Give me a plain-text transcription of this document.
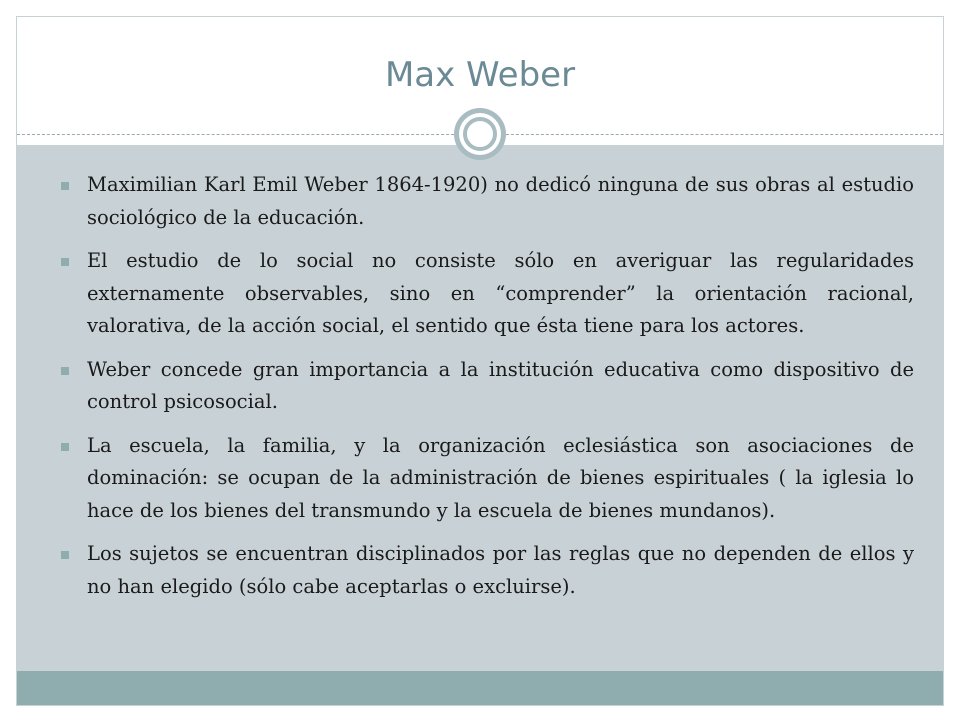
Max Weber
Maximilian Karl Emil Weber 1864-1920) no dedicó ninguna de sus obras al estudio sociológico de la educación.
El estudio de lo social no consiste sólo en averiguar las regularidades externamente observables, sino en “comprender” la orientación racional, valorativa, de la acción social, el sentido que ésta tiene para los actores.
Weber concede gran importancia a la institución educativa como dispositivo de control psicosocial.
La escuela, la familia, y la organización eclesiástica son asociaciones de dominación: se ocupan de la administración de bienes espirituales ( la iglesia lo hace de los bienes del transmundo y la escuela de bienes mundanos).
Los sujetos se encuentran disciplinados por las reglas que no dependen de ellos y no han elegido (sólo cabe aceptarlas o excluirse).
